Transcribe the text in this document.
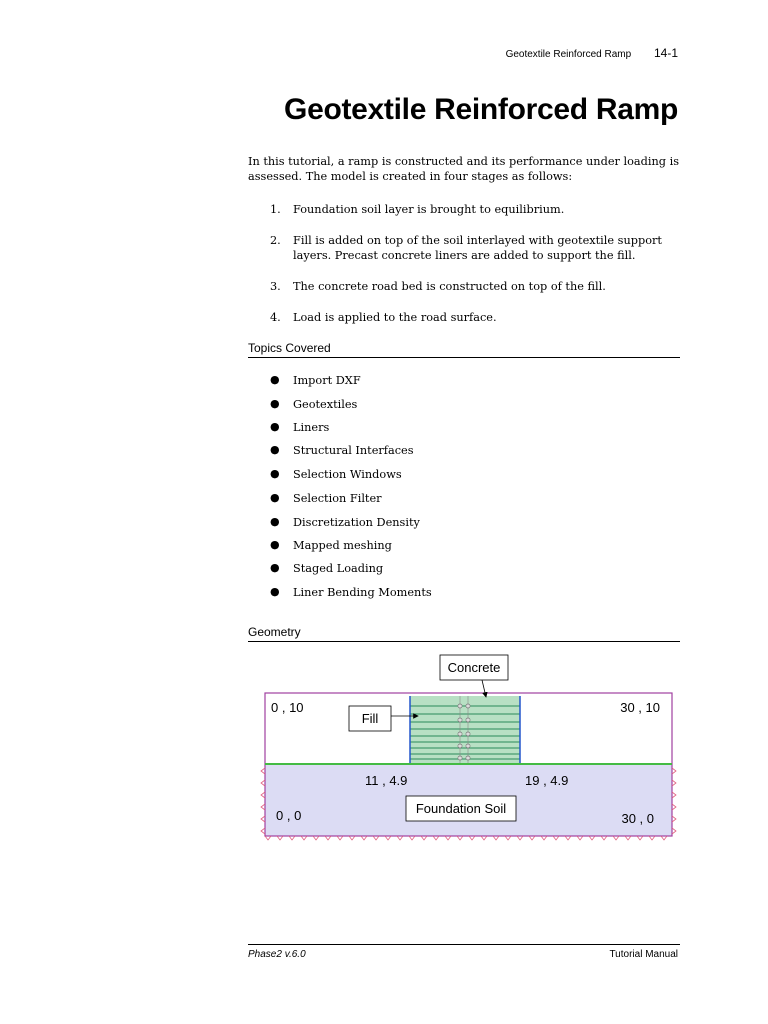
Geotextile Reinforced Ramp 14-1
Geotextile Reinforced Ramp
In this tutorial, a ramp is constructed and its performance under loading is assessed. The model is created in four stages as follows:
1. Foundation soil layer is brought to equilibrium.
2. Fill is added on top of the soil interlayed with geotextile support layers. Precast concrete liners are added to support the fill.
3. The concrete road bed is constructed on top of the fill.
4. Load is applied to the road surface.
Topics Covered
● Import DXF
● Geotextiles
● Liners
● Structural Interfaces
● Selection Windows
● Selection Filter
● Discretization Density
● Mapped meshing
● Staged Loading
● Liner Bending Moments
Geometry
Concrete
Fill
Foundation Soil
0 , 10	30 , 10
11 , 4.9	19 , 4.9
0 , 0	30 , 0
Phase2 v.6.0	Tutorial Manual
